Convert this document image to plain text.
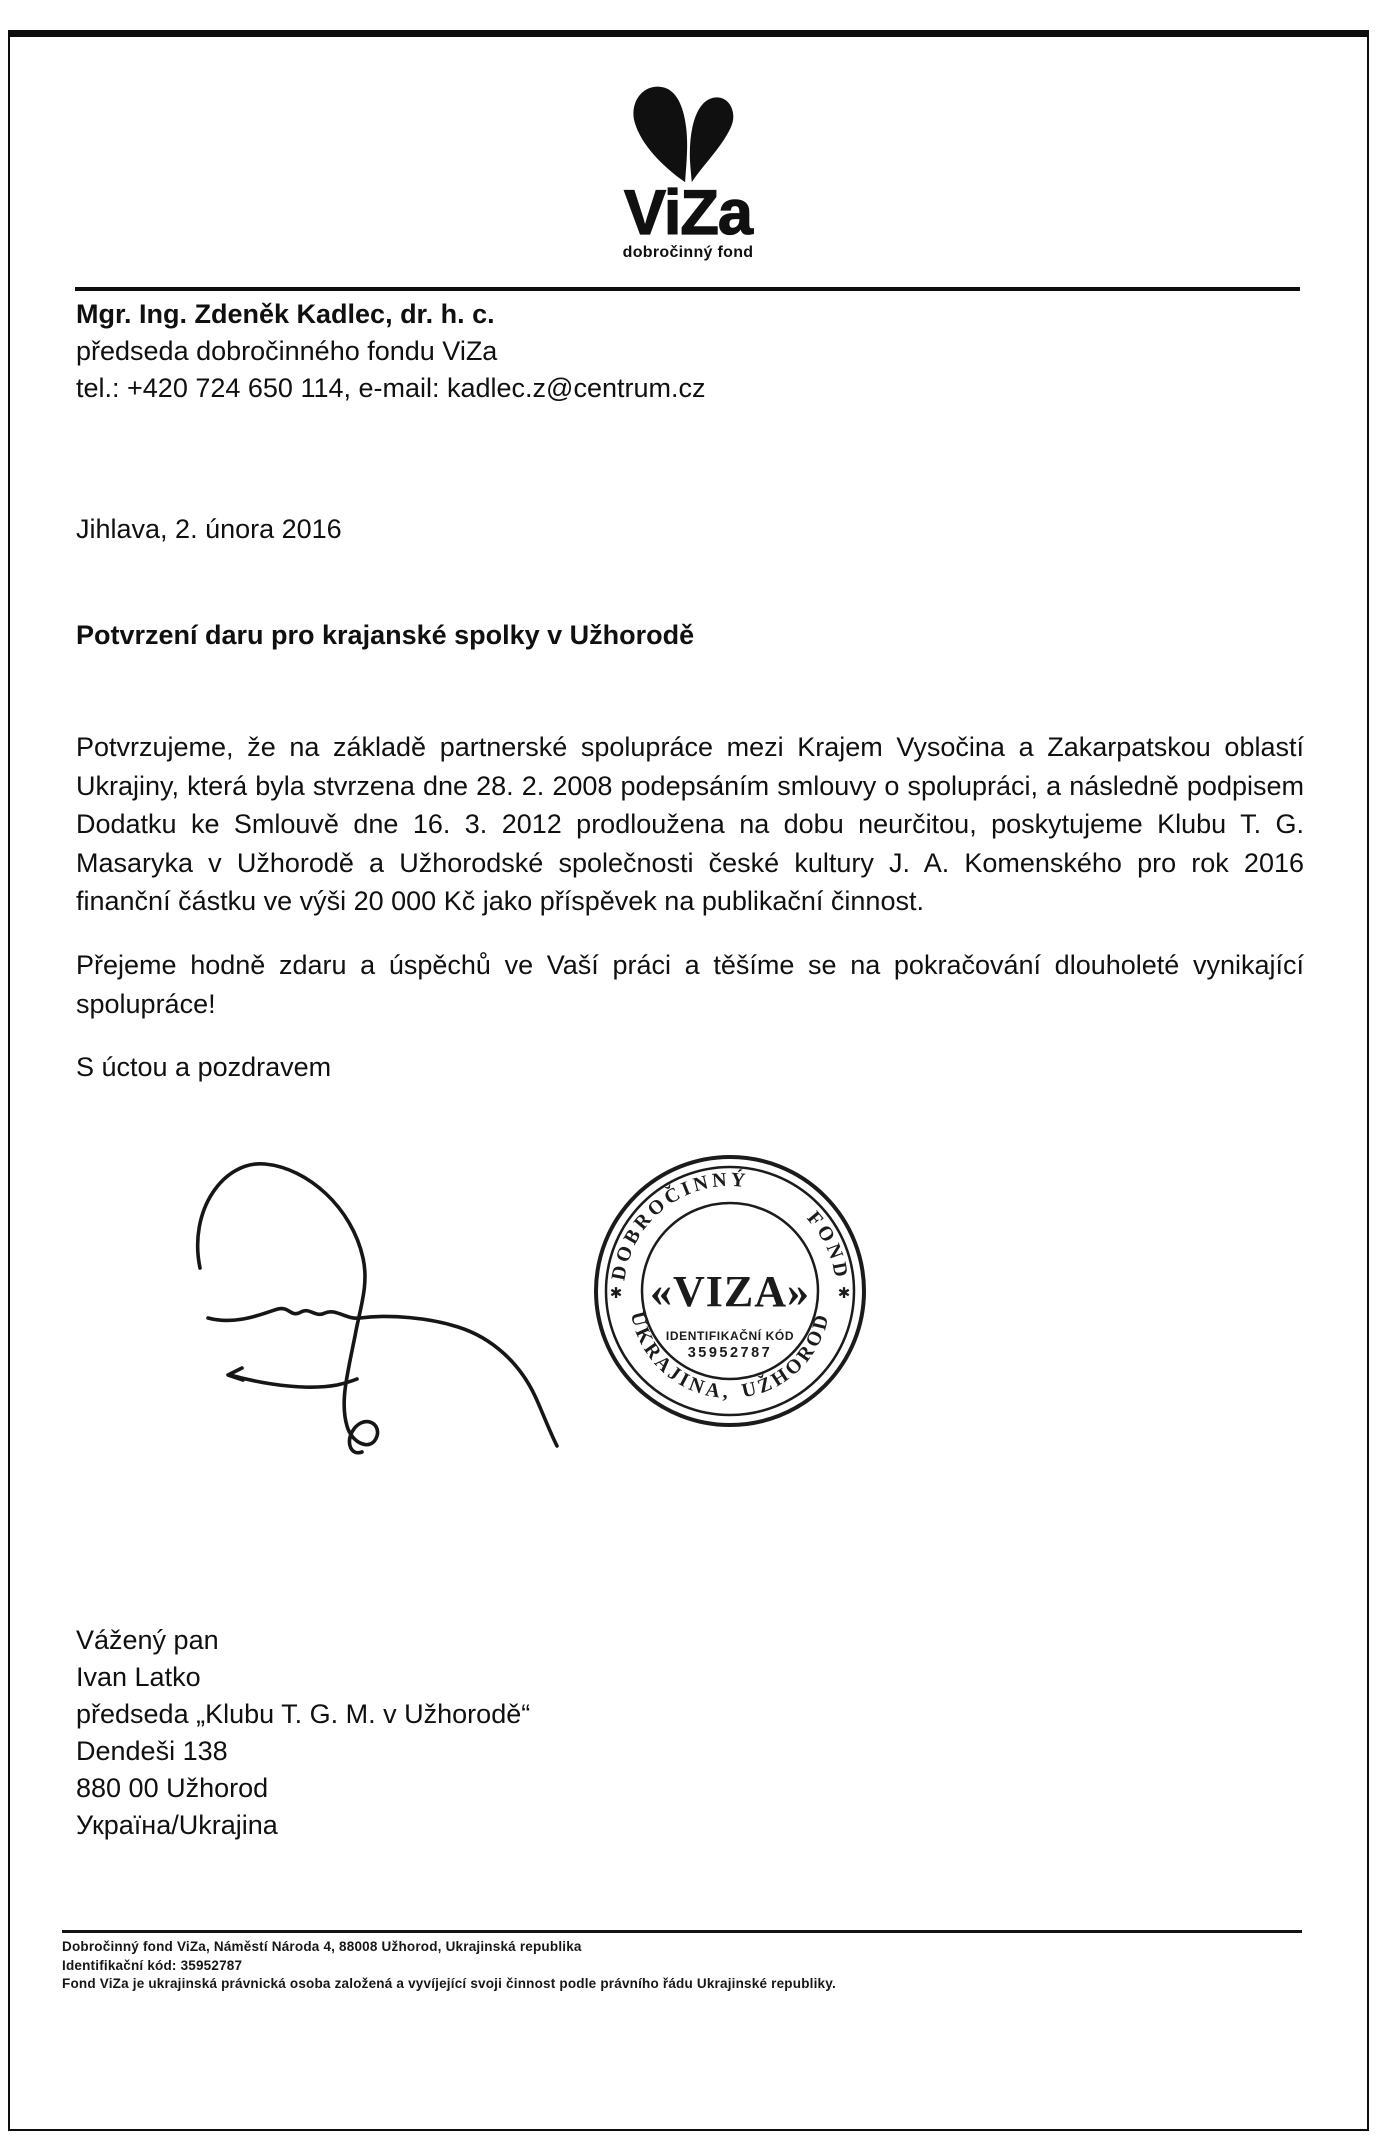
ViZa
dobročinný fond
Mgr. Ing. Zdeněk Kadlec, dr. h. c.
předseda dobročinného fondu ViZa
tel.: +420 724 650 114, e-mail: kadlec.z@centrum.cz
Jihlava, 2. února 2016
Potvrzení daru pro krajanské spolky v Užhorodě
Potvrzujeme, že na základě partnerské spolupráce mezi Krajem Vysočina a Zakarpatskou oblastí Ukrajiny, která byla stvrzena dne 28. 2. 2008 podepsáním smlouvy o spolupráci, a následně podpisem Dodatku ke Smlouvě dne 16. 3. 2012 prodloužena na dobu neurčitou, poskytujeme Klubu T. G. Masaryka v Užhorodě a Užhorodské společnosti české kultury J. A. Komenského pro rok 2016 finanční částku ve výši 20 000 Kč jako příspěvek na publikační činnost.
Přejeme hodně zdaru a úspěchů ve Vaší práci a těšíme se na pokračování dlouholeté vynikající spolupráce!
S úctou a pozdravem
DOBROČINNÝ FOND
UKRAJINA, UŽHOROD
«VIZA»
IDENTIFIKAČNÍ KÓD
35952787
✱	✱
Vážený pan
Ivan Latko
předseda „Klubu T. G. M. v Užhorodě“
Dendeši 138
880 00 Užhorod
Україна/Ukrajina
Dobročinný fond ViZa, Náměstí Národa 4, 88008 Užhorod, Ukrajinská republika
Identifikační kód: 35952787
Fond ViZa je ukrajinská právnická osoba založená a vyvíjející svoji činnost podle právního řádu Ukrajinské republiky.
